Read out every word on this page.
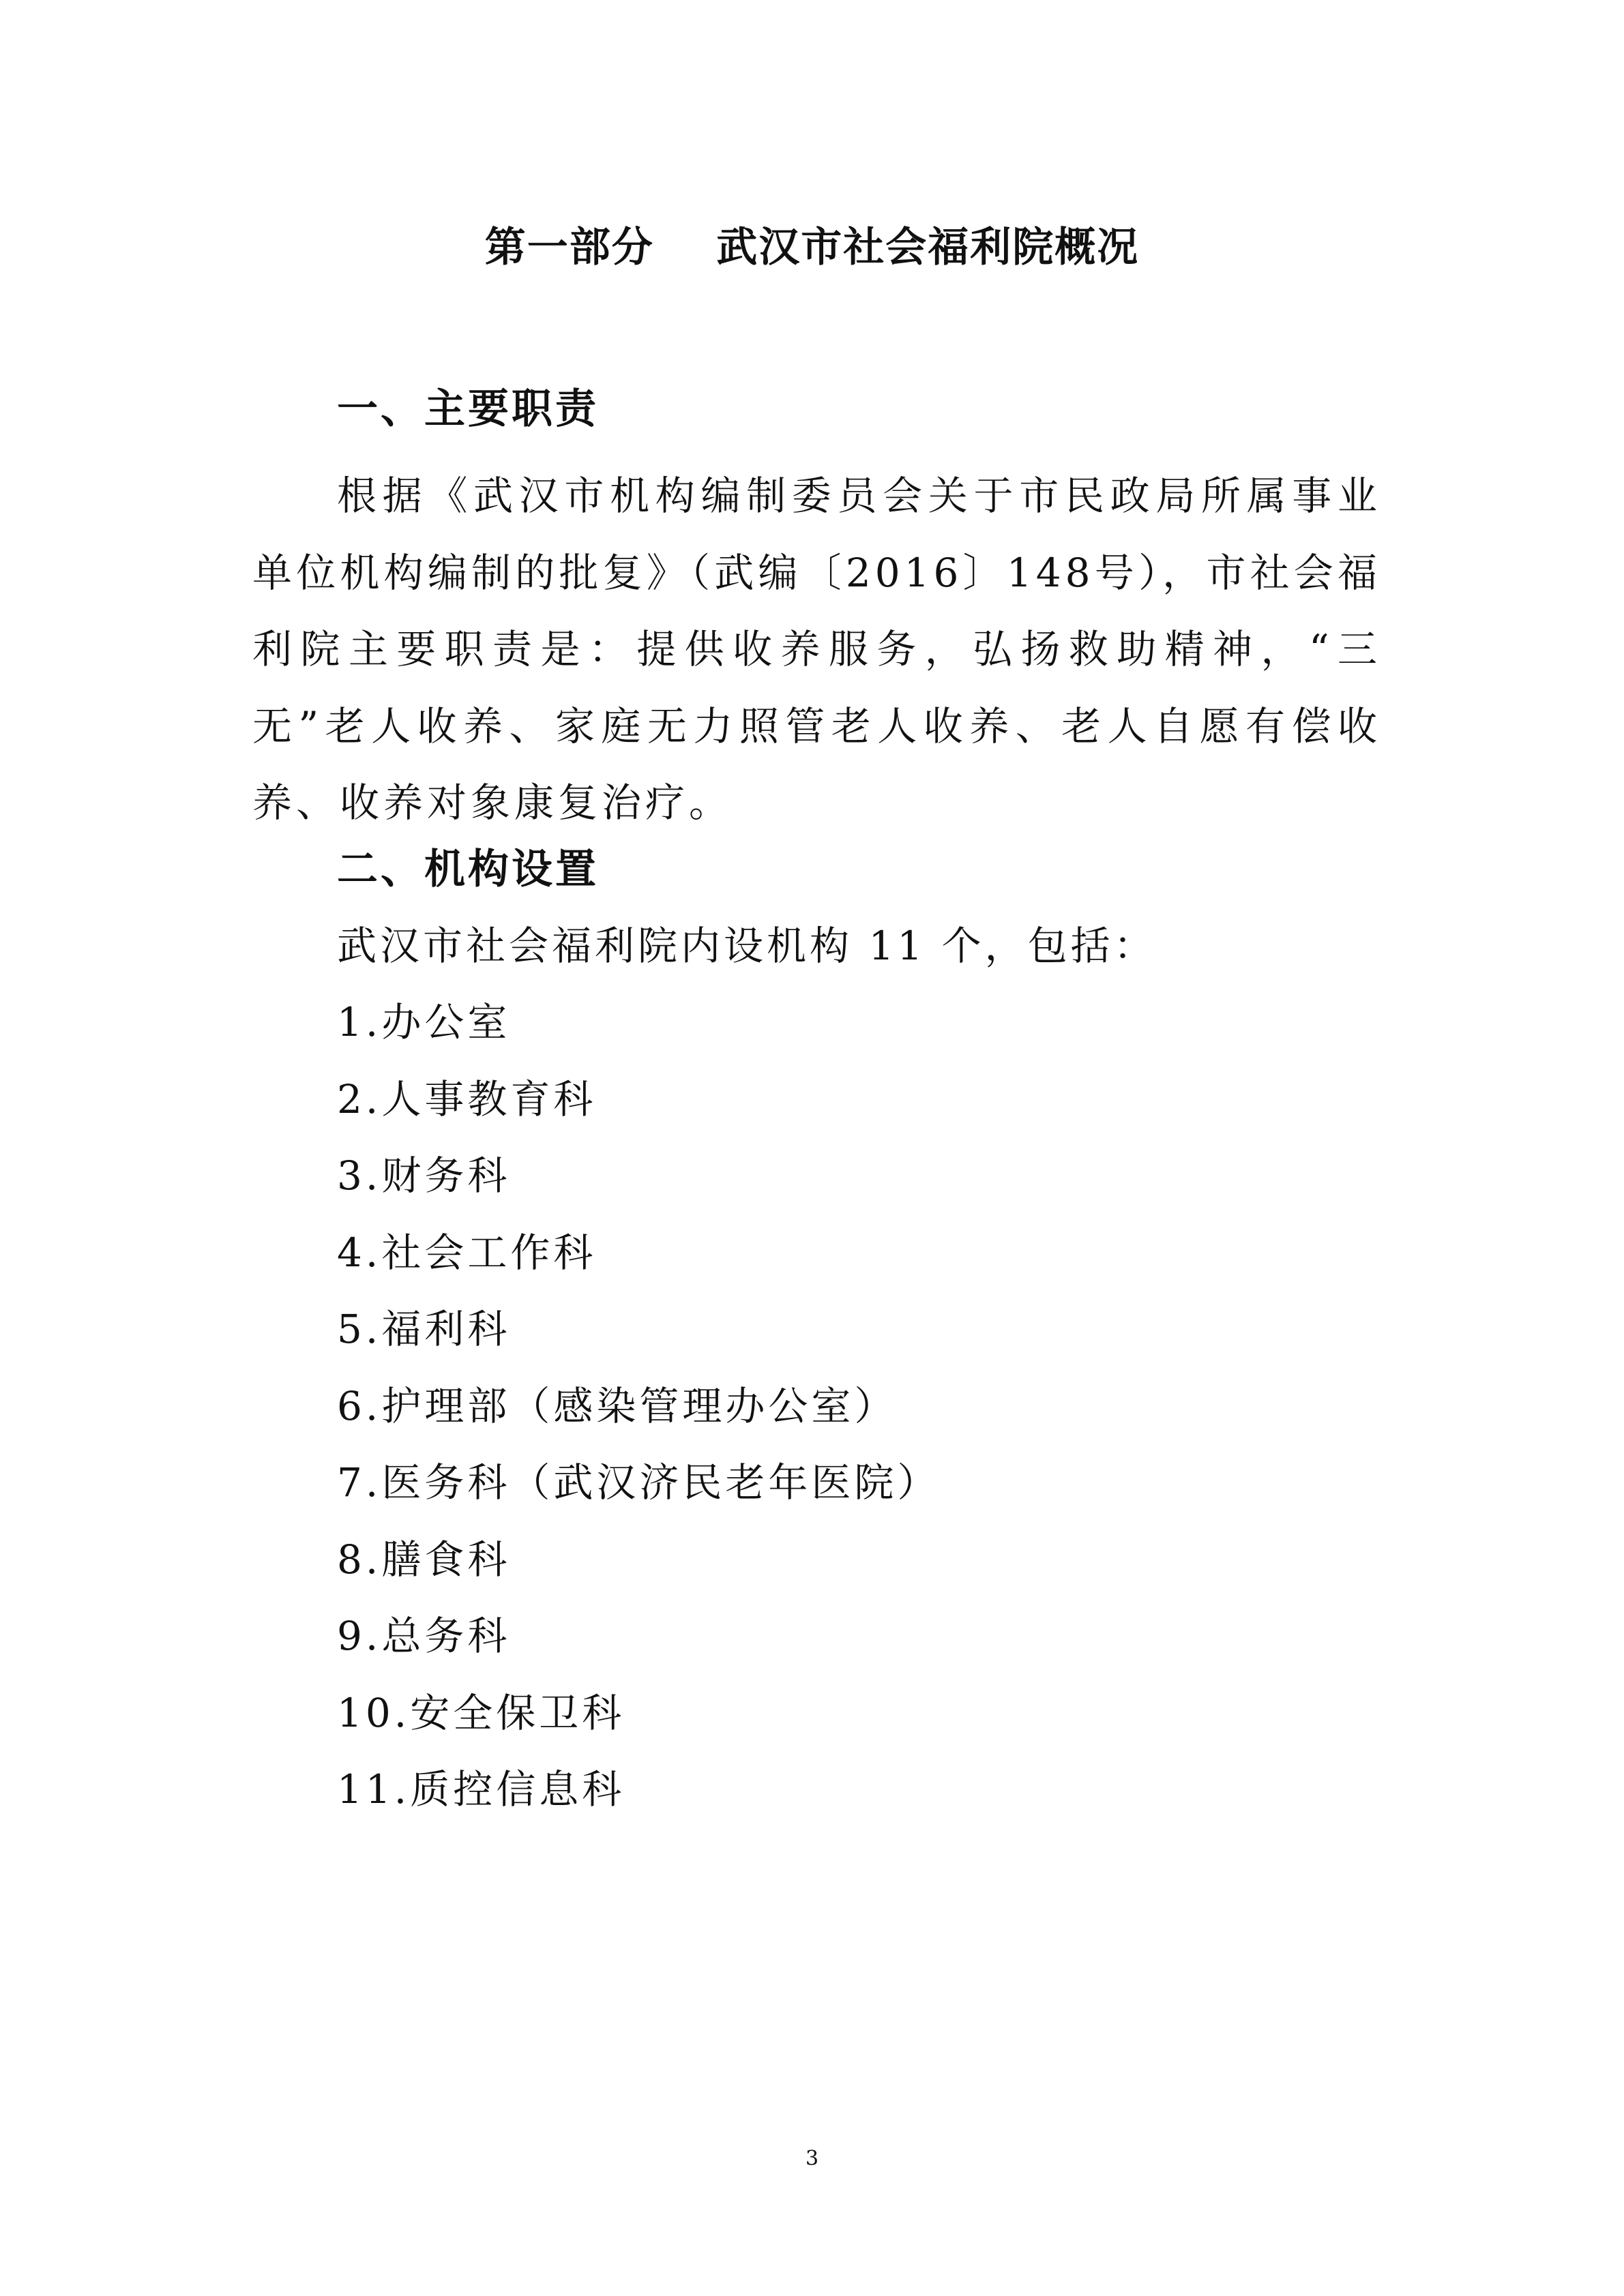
第一部分    武汉市社会福利院概况
一、主要职责

根据《武汉市机构编制委员会关于市民政局所属事业单位机构编制的批复》（武编〔2016〕148号），市社会福利院主要职责是：提供收养服务，弘扬救助精神，“三无”老人收养、家庭无力照管老人收养、老人自愿有偿收养、收养对象康复治疗。

二、机构设置
武汉市社会福利院内设机构 11 个，包括：
1.办公室
2.人事教育科
3.财务科
4.社会工作科
5.福利科
6.护理部（感染管理办公室）
7.医务科（武汉济民老年医院）
8.膳食科
9.总务科
10.安全保卫科
11.质控信息科
3
